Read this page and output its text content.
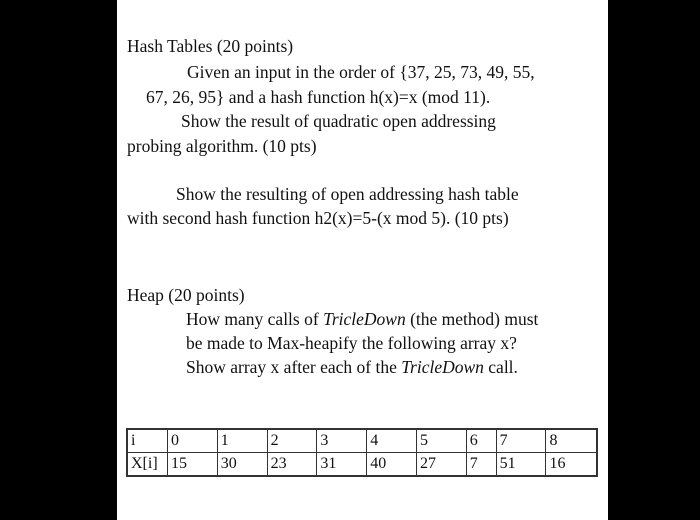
Hash Tables (20 points)
Given an input in the order of {37, 25, 73, 49, 55,
67, 26, 95} and a hash function h(x)=x (mod 11).
Show the result of quadratic open addressing
probing algorithm. (10 pts)
Show the resulting of open addressing hash table
with second hash function h2(x)=5-(x mod 5). (10 pts)
Heap (20 points)
How many calls of TricleDown (the method) must
be made to Max-heapify the following array x?
Show array x after each of the TricleDown call.
i	0	1	2	3	4	5	6	7	8
X[i]	15	30	23	31	40	27	7	51	16
